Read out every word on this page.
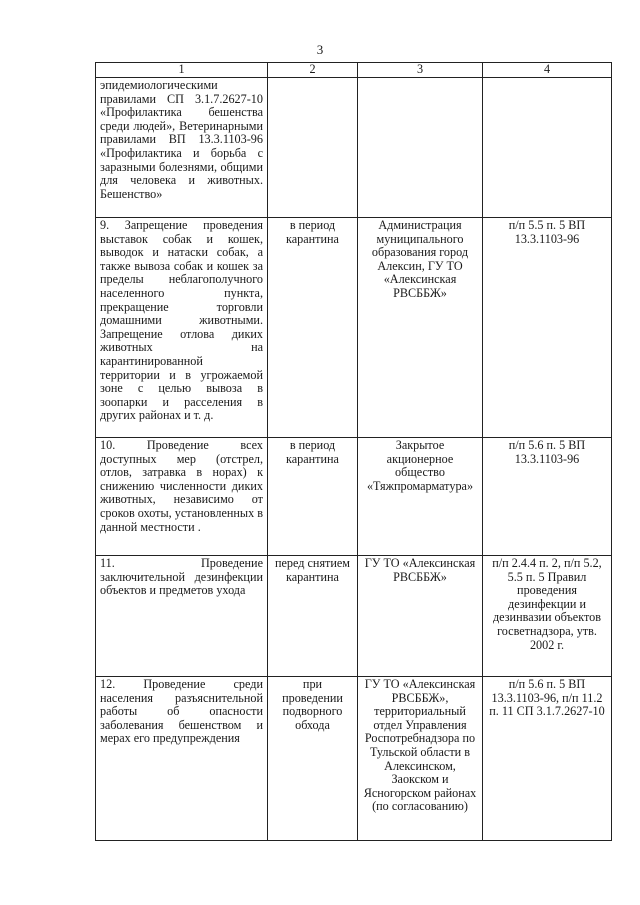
3
1	2	3	4
эпидемиологическими правилами СП 3.1.7.2627-10 «Профилактика бешенства среди людей», Ветеринарными правилами ВП 13.3.1103-96 «Профилактика и борьба с заразными болезнями, общими для человека и животных. Бешенство»			
9. Запрещение проведения выставок собак и кошек, выводок и натаски собак, а также вывоза собак и кошек за пределы неблагополучного населенного пункта, прекращение торговли домашними животными. Запрещение отлова диких животных на карантинированной территории и в угрожаемой зоне с целью вывоза в зоопарки и расселения в других районах и т. д.	в период карантина	Администрация муниципального образования город Алексин, ГУ ТО «Алексинская РВСББЖ»	п/п 5.5 п. 5 ВП 13.3.1103-96
10. Проведение всех доступных мер (отстрел, отлов, затравка в норах) к снижению численности диких животных, независимо от сроков охоты, установленных в данной местности .	в период карантина	Закрытое акционерное общество «Тяжпромарматура»	п/п 5.6 п. 5 ВП 13.3.1103-96
11. Проведение заключительной дезинфекции объектов и предметов ухода	перед снятием карантина	ГУ ТО «Алексинская РВСББЖ»	п/п 2.4.4 п. 2, п/п 5.2, 5.5 п. 5 Правил проведения дезинфекции и дезинвазии объектов госветнадзора, утв. 2002 г.
12. Проведение среди населения разъяснительной работы об опасности заболевания бешенством и мерах его предупреждения	при проведении подворного обхода	ГУ ТО «Алексинская РВСББЖ», территориальный отдел Управления Роспотребнадзора по Тульской области в Алексинском, Заокском и Ясногорском районах (по согласованию)	п/п 5.6 п. 5 ВП 13.3.1103-96, п/п 11.2 п. 11 СП 3.1.7.2627-10
